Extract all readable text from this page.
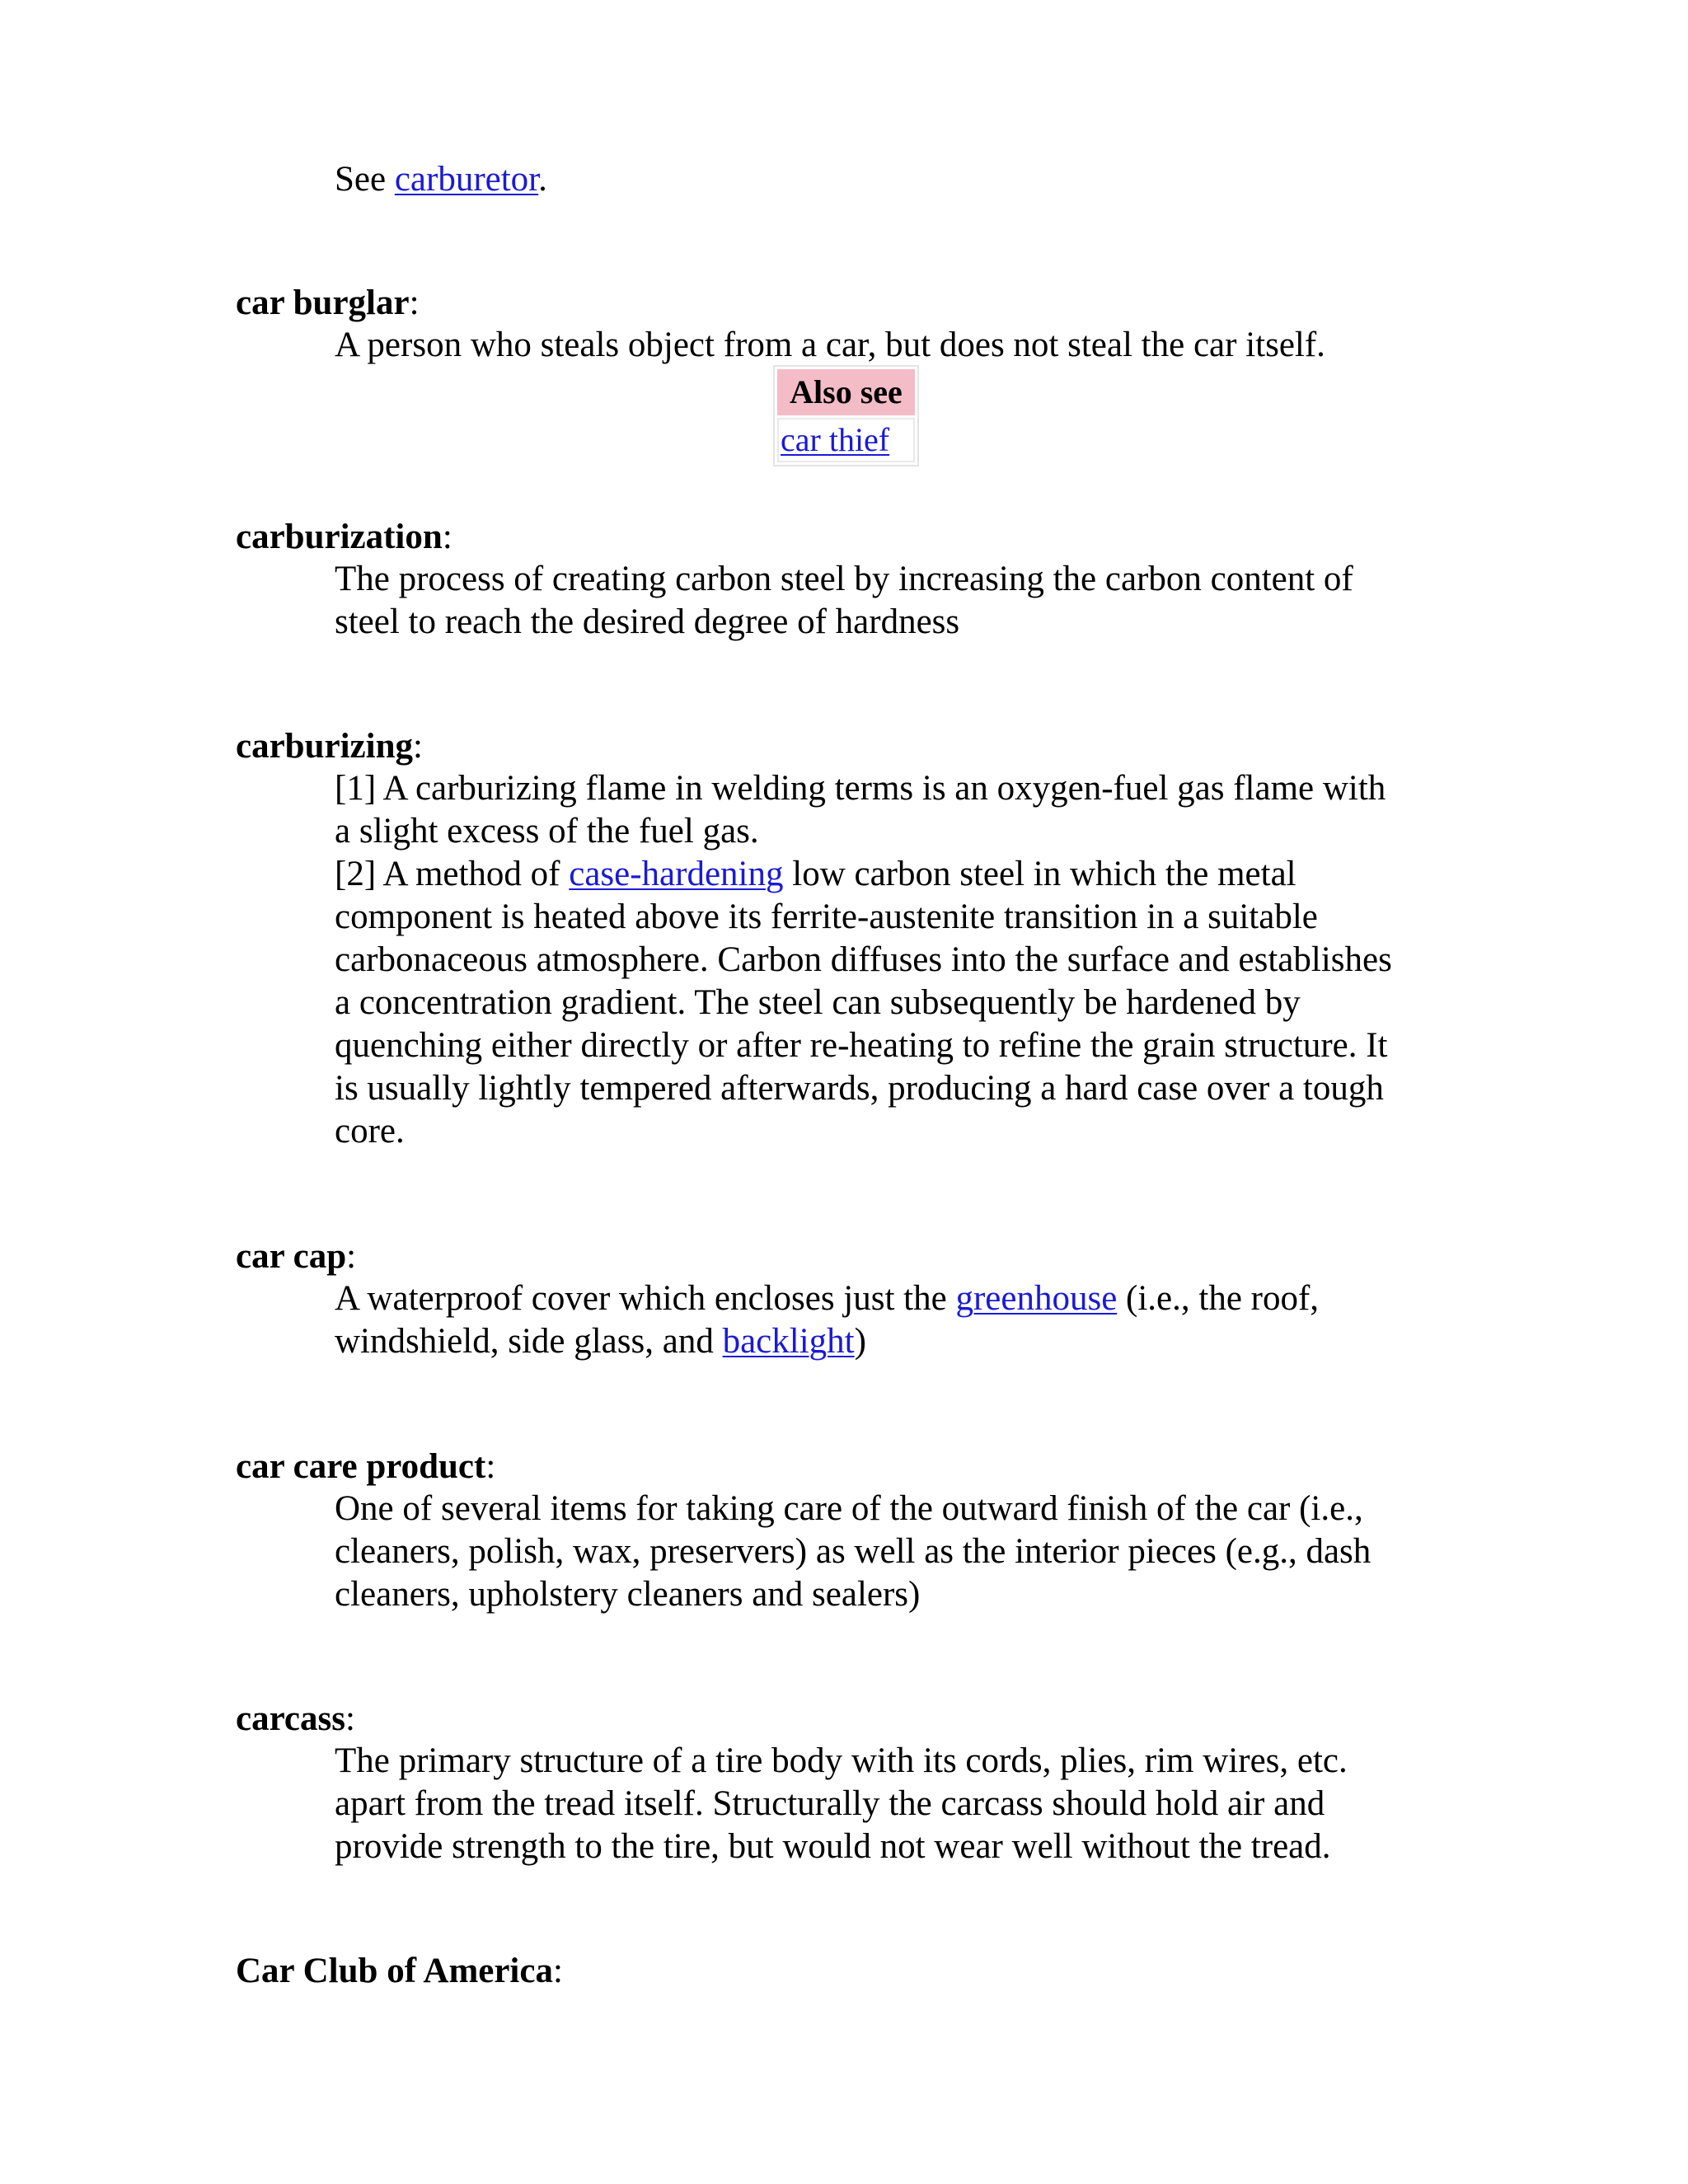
See carburetor.

car burglar:

A person who steals object from a car, but does not steal the car itself.

Also see
car thief

carburization:

The process of creating carbon steel by increasing the carbon content of
steel to reach the desired degree of hardness

carburizing:

[1] A carburizing flame in welding terms is an oxygen-fuel gas flame with
a slight excess of the fuel gas.
[2] A method of case-hardening low carbon steel in which the metal
component is heated above its ferrite-austenite transition in a suitable
carbonaceous atmosphere. Carbon diffuses into the surface and establishes
a concentration gradient. The steel can subsequently be hardened by
quenching either directly or after re-heating to refine the grain structure. It
is usually lightly tempered afterwards, producing a hard case over a tough
core.

car cap:

A waterproof cover which encloses just the greenhouse (i.e., the roof,
windshield, side glass, and backlight)

car care product:

One of several items for taking care of the outward finish of the car (i.e.,
cleaners, polish, wax, preservers) as well as the interior pieces (e.g., dash
cleaners, upholstery cleaners and sealers)

carcass:

The primary structure of a tire body with its cords, plies, rim wires, etc.
apart from the tread itself. Structurally the carcass should hold air and
provide strength to the tire, but would not wear well without the tread.

Car Club of America:
